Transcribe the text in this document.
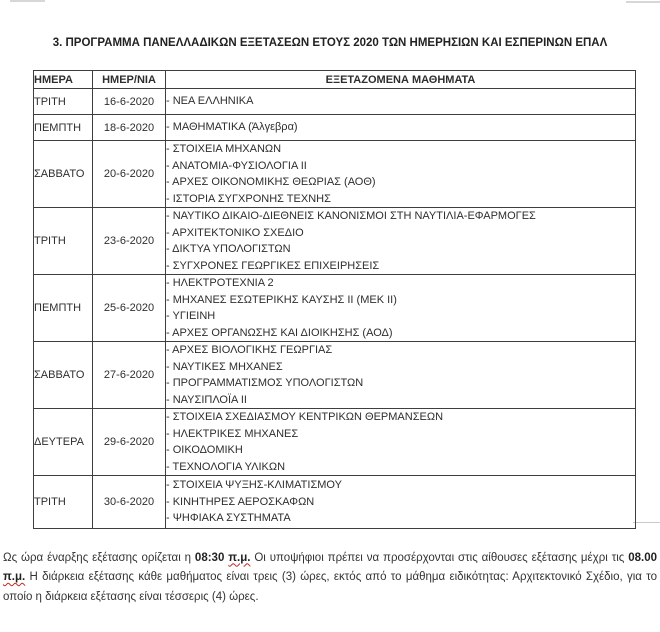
3. ΠΡΟΓΡΑΜΜΑ ΠΑΝΕΛΛΑΔΙΚΩΝ ΕΞΕΤΑΣΕΩΝ ΕΤΟΥΣ 2020 ΤΩΝ ΗΜΕΡΗΣΙΩΝ ΚΑΙ ΕΣΠΕΡΙΝΩΝ ΕΠΑΛ
ΗΜΕΡΑ	ΗΜΕΡ/ΝΙΑ	ΕΞΕΤΑΖΟΜΕΝΑ ΜΑΘΗΜΑΤΑ
ΤΡΙΤΗ	16-6-2020	- ΝΕΑ ΕΛΛΗΝΙΚΑ

ΠΕΜΠΤΗ	18-6-2020	- ΜΑΘΗΜΑΤΙΚΑ (Άλγεβρα)

ΣΑΒΒΑΤΟ	20-6-2020	- ΣΤΟΙΧΕΙΑ ΜΗΧΑΝΩΝ
- ΑΝΑΤΟΜΙΑ-ΦΥΣΙΟΛΟΓΙΑ ΙΙ
- ΑΡΧΕΣ ΟΙΚΟΝΟΜΙΚΗΣ ΘΕΩΡΙΑΣ (ΑΟΘ)
- ΙΣΤΟΡΙΑ ΣΥΓΧΡΟΝΗΣ ΤΕΧΝΗΣ

ΤΡΙΤΗ	23-6-2020	- ΝΑΥΤΙΚΟ ΔΙΚΑΙΟ-ΔΙΕΘΝΕΙΣ ΚΑΝΟΝΙΣΜΟΙ ΣΤΗ ΝΑΥΤΙΛΙΑ-ΕΦΑΡΜΟΓΕΣ
- ΑΡΧΙΤΕΚΤΟΝΙΚΟ ΣΧΕΔΙΟ
- ΔΙΚΤΥΑ ΥΠΟΛΟΓΙΣΤΩΝ
- ΣΥΓΧΡΟΝΕΣ ΓΕΩΡΓΙΚΕΣ ΕΠΙΧΕΙΡΗΣΕΙΣ

ΠΕΜΠΤΗ	25-6-2020	- ΗΛΕΚΤΡΟΤΕΧΝΙΑ 2
- ΜΗΧΑΝΕΣ ΕΣΩΤΕΡΙΚΗΣ ΚΑΥΣΗΣ ΙΙ (ΜΕΚ ΙΙ)
- ΥΓΙΕΙΝΗ
- ΑΡΧΕΣ ΟΡΓΑΝΩΣΗΣ ΚΑΙ ΔΙΟΙΚΗΣΗΣ (ΑΟΔ)

ΣΑΒΒΑΤΟ	27-6-2020	- ΑΡΧΕΣ ΒΙΟΛΟΓΙΚΗΣ ΓΕΩΡΓΙΑΣ
- ΝΑΥΤΙΚΕΣ ΜΗΧΑΝΕΣ
- ΠΡΟΓΡΑΜΜΑΤΙΣΜΟΣ ΥΠΟΛΟΓΙΣΤΩΝ
- ΝΑΥΣΙΠΛΟΪΑ ΙΙ

ΔΕΥΤΕΡΑ	29-6-2020	- ΣΤΟΙΧΕΙΑ ΣΧΕΔΙΑΣΜΟΥ ΚΕΝΤΡΙΚΩΝ ΘΕΡΜΑΝΣΕΩΝ
- ΗΛΕΚΤΡΙΚΕΣ ΜΗΧΑΝΕΣ
- ΟΙΚΟΔΟΜΙΚΗ
- ΤΕΧΝΟΛΟΓΙΑ ΥΛΙΚΩΝ

ΤΡΙΤΗ	30-6-2020	- ΣΤΟΙΧΕΙΑ ΨΥΞΗΣ-ΚΛΙΜΑΤΙΣΜΟΥ
- ΚΙΝΗΤΗΡΕΣ ΑΕΡΟΣΚΑΦΩΝ
- ΨΗΦΙΑΚΑ ΣΥΣΤΗΜΑΤΑ

Ως ώρα έναρξης εξέτασης ορίζεται η 08:30 π.μ. Οι υποψήφιοι πρέπει να προσέρχονται στις αίθουσες εξέτασης μέχρι τις 08.00 π.μ. Η διάρκεια εξέτασης κάθε μαθήματος είναι τρεις (3) ώρες, εκτός από το μάθημα ειδικότητας: Αρχιτεκτονικό Σχέδιο, για το οποίο η διάρκεια εξέτασης είναι τέσσερις (4) ώρες.
